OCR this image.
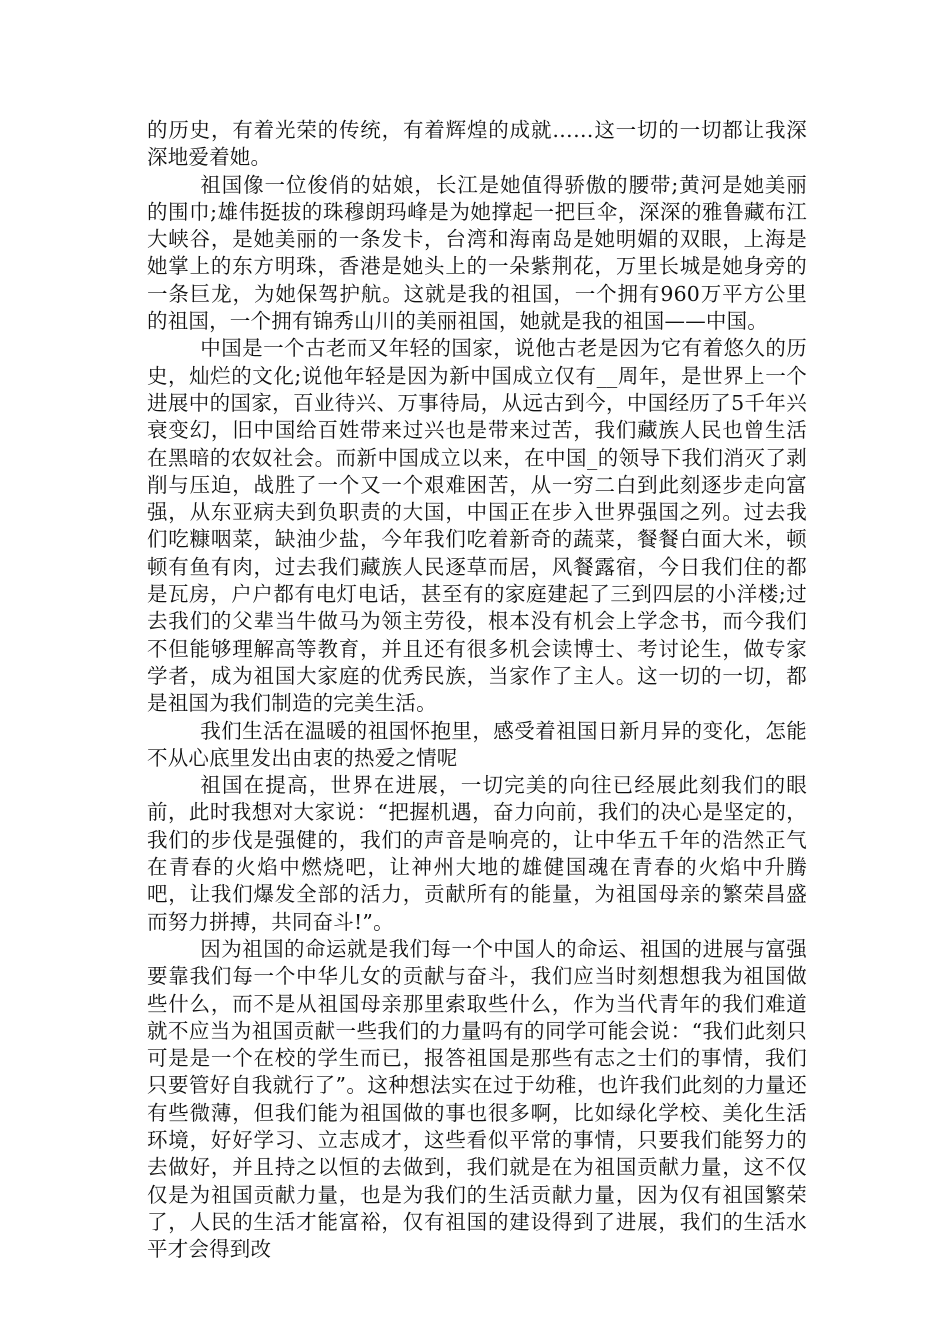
的历史，有着光荣的传统，有着辉煌的成就……这一切的一切都让我深深地爱着她。

祖国像一位俊俏的姑娘，长江是她值得骄傲的腰带;黄河是她美丽的围巾;雄伟挺拔的珠穆朗玛峰是为她撑起一把巨伞，深深的雅鲁藏布江大峡谷，是她美丽的一条发卡，台湾和海南岛是她明媚的双眼，上海是她掌上的东方明珠，香港是她头上的一朵紫荆花，万里长城是她身旁的一条巨龙，为她保驾护航。这就是我的祖国，一个拥有960万平方公里的祖国，一个拥有锦秀山川的美丽祖国，她就是我的祖国——中国。

中国是一个古老而又年轻的国家，说他古老是因为它有着悠久的历史，灿烂的文化;说他年轻是因为新中国成立仅有__周年，是世界上一个进展中的国家，百业待兴、万事待局，从远古到今，中国经历了5千年兴衰变幻，旧中国给百姓带来过兴也是带来过苦，我们藏族人民也曾生活在黑暗的农奴社会。而新中国成立以来，在中国_的领导下我们消灭了剥削与压迫，战胜了一个又一个艰难困苦，从一穷二白到此刻逐步走向富强，从东亚病夫到负职责的大国，中国正在步入世界强国之列。过去我们吃糠咽菜，缺油少盐，今年我们吃着新奇的蔬菜，餐餐白面大米，顿顿有鱼有肉，过去我们藏族人民逐草而居，风餐露宿，今日我们住的都是瓦房，户户都有电灯电话，甚至有的家庭建起了三到四层的小洋楼;过去我们的父辈当牛做马为领主劳役，根本没有机会上学念书，而今我们不但能够理解高等教育，并且还有很多机会读博士、考讨论生，做专家学者，成为祖国大家庭的优秀民族，当家作了主人。这一切的一切，都是祖国为我们制造的完美生活。

我们生活在温暖的祖国怀抱里，感受着祖国日新月异的变化，怎能不从心底里发出由衷的热爱之情呢

祖国在提高，世界在进展，一切完美的向往已经展此刻我们的眼前，此时我想对大家说：“把握机遇，奋力向前，我们的决心是坚定的，我们的步伐是强健的，我们的声音是响亮的，让中华五千年的浩然正气在青春的火焰中燃烧吧，让神州大地的雄健国魂在青春的火焰中升腾吧，让我们爆发全部的活力，贡献所有的能量，为祖国母亲的繁荣昌盛而努力拼搏，共同奋斗!”。

因为祖国的命运就是我们每一个中国人的命运、祖国的进展与富强要靠我们每一个中华儿女的贡献与奋斗，我们应当时刻想想我为祖国做些什么，而不是从祖国母亲那里索取些什么，作为当代青年的我们难道就不应当为祖国贡献一些我们的力量吗有的同学可能会说：“我们此刻只可是是一个在校的学生而已，报答祖国是那些有志之士们的事情，我们只要管好自我就行了”。这种想法实在过于幼稚，也许我们此刻的力量还有些微薄，但我们能为祖国做的事也很多啊，比如绿化学校、美化生活环境，好好学习、立志成才，这些看似平常的事情，只要我们能努力的去做好，并且持之以恒的去做到，我们就是在为祖国贡献力量，这不仅仅是为祖国贡献力量，也是为我们的生活贡献力量，因为仅有祖国繁荣了，人民的生活才能富裕，仅有祖国的建设得到了进展，我们的生活水平才会得到改
